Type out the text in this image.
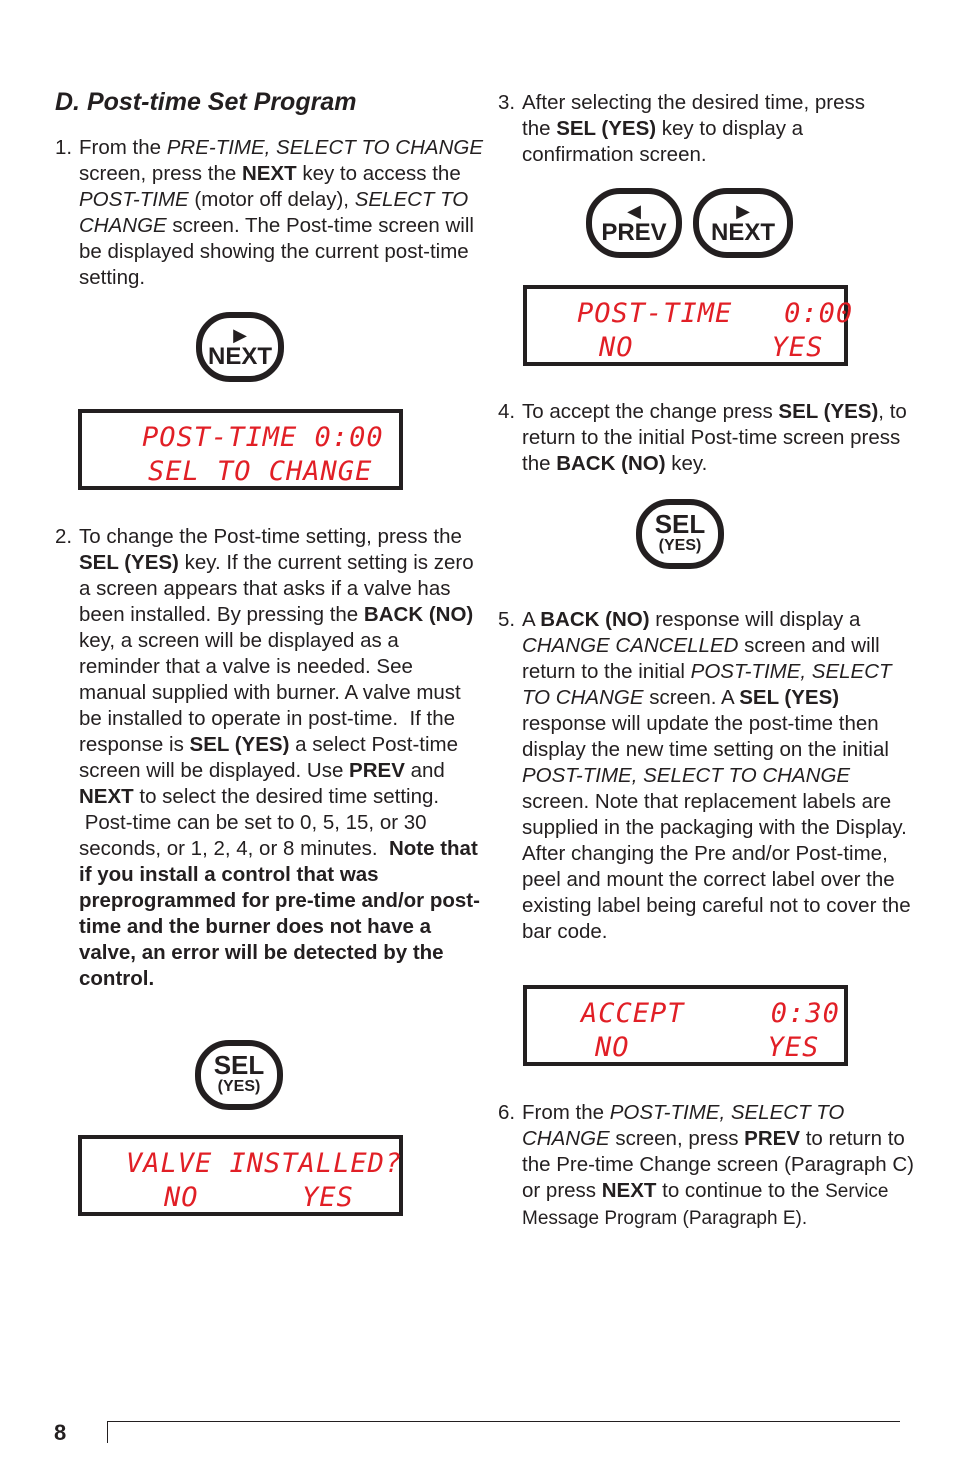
D. Post-time Set Program
1. From the PRE-TIME, SELECT TO CHANGE screen, press the NEXT key to access the POST-TIME (motor off delay), SELECT TO CHANGE screen. The Post-time screen will be displayed showing the current post-time setting.
▶
NEXT
POST-TIME 0:00
SEL TO CHANGE
2. To change the Post-time setting, press the SEL (YES) key. If the current setting is zero a screen appears that asks if a valve has been installed. By pressing the BACK (NO) key, a screen will be displayed as a reminder that a valve is needed. See manual supplied with burner. A valve must be installed to operate in post-time.  If the response is SEL (YES) a select Post-time screen will be displayed. Use PREV and NEXT to select the desired time setting.  Post-time can be set to 0, 5, 15, or 30 seconds, or 1, 2, 4, or 8 minutes.  Note that if you install a control that was preprogrammed for pre-time and/or post-time and the burner does not have a valve, an error will be detected by the control.
SEL
(YES)
VALVE INSTALLED?
NO      YES
3. After selecting the desired time, press the SEL (YES) key to display a confirmation screen.
◀
PREV
▶
NEXT
POST-TIME   0:00
NO        YES
4. To accept the change press SEL (YES), to return to the initial Post-time screen press the BACK (NO) key.
SEL
(YES)
5. A BACK (NO) response will display a CHANGE CANCELLED screen and will return to the initial POST-TIME, SELECT TO CHANGE screen. A SEL (YES) response will update the post-time then display the new time setting on the initial POST-TIME, SELECT TO CHANGE screen. Note that replacement labels are supplied in the packaging with the Display. After changing the Pre and/or Post-time, peel and mount the correct label over the existing label being careful not to cover the bar code.
ACCEPT     0:30
NO        YES
6. From the POST-TIME, SELECT TO CHANGE screen, press PREV to return to the Pre-time Change screen (Paragraph C) or press NEXT to continue to the Service Message Program (Paragraph E).
8
